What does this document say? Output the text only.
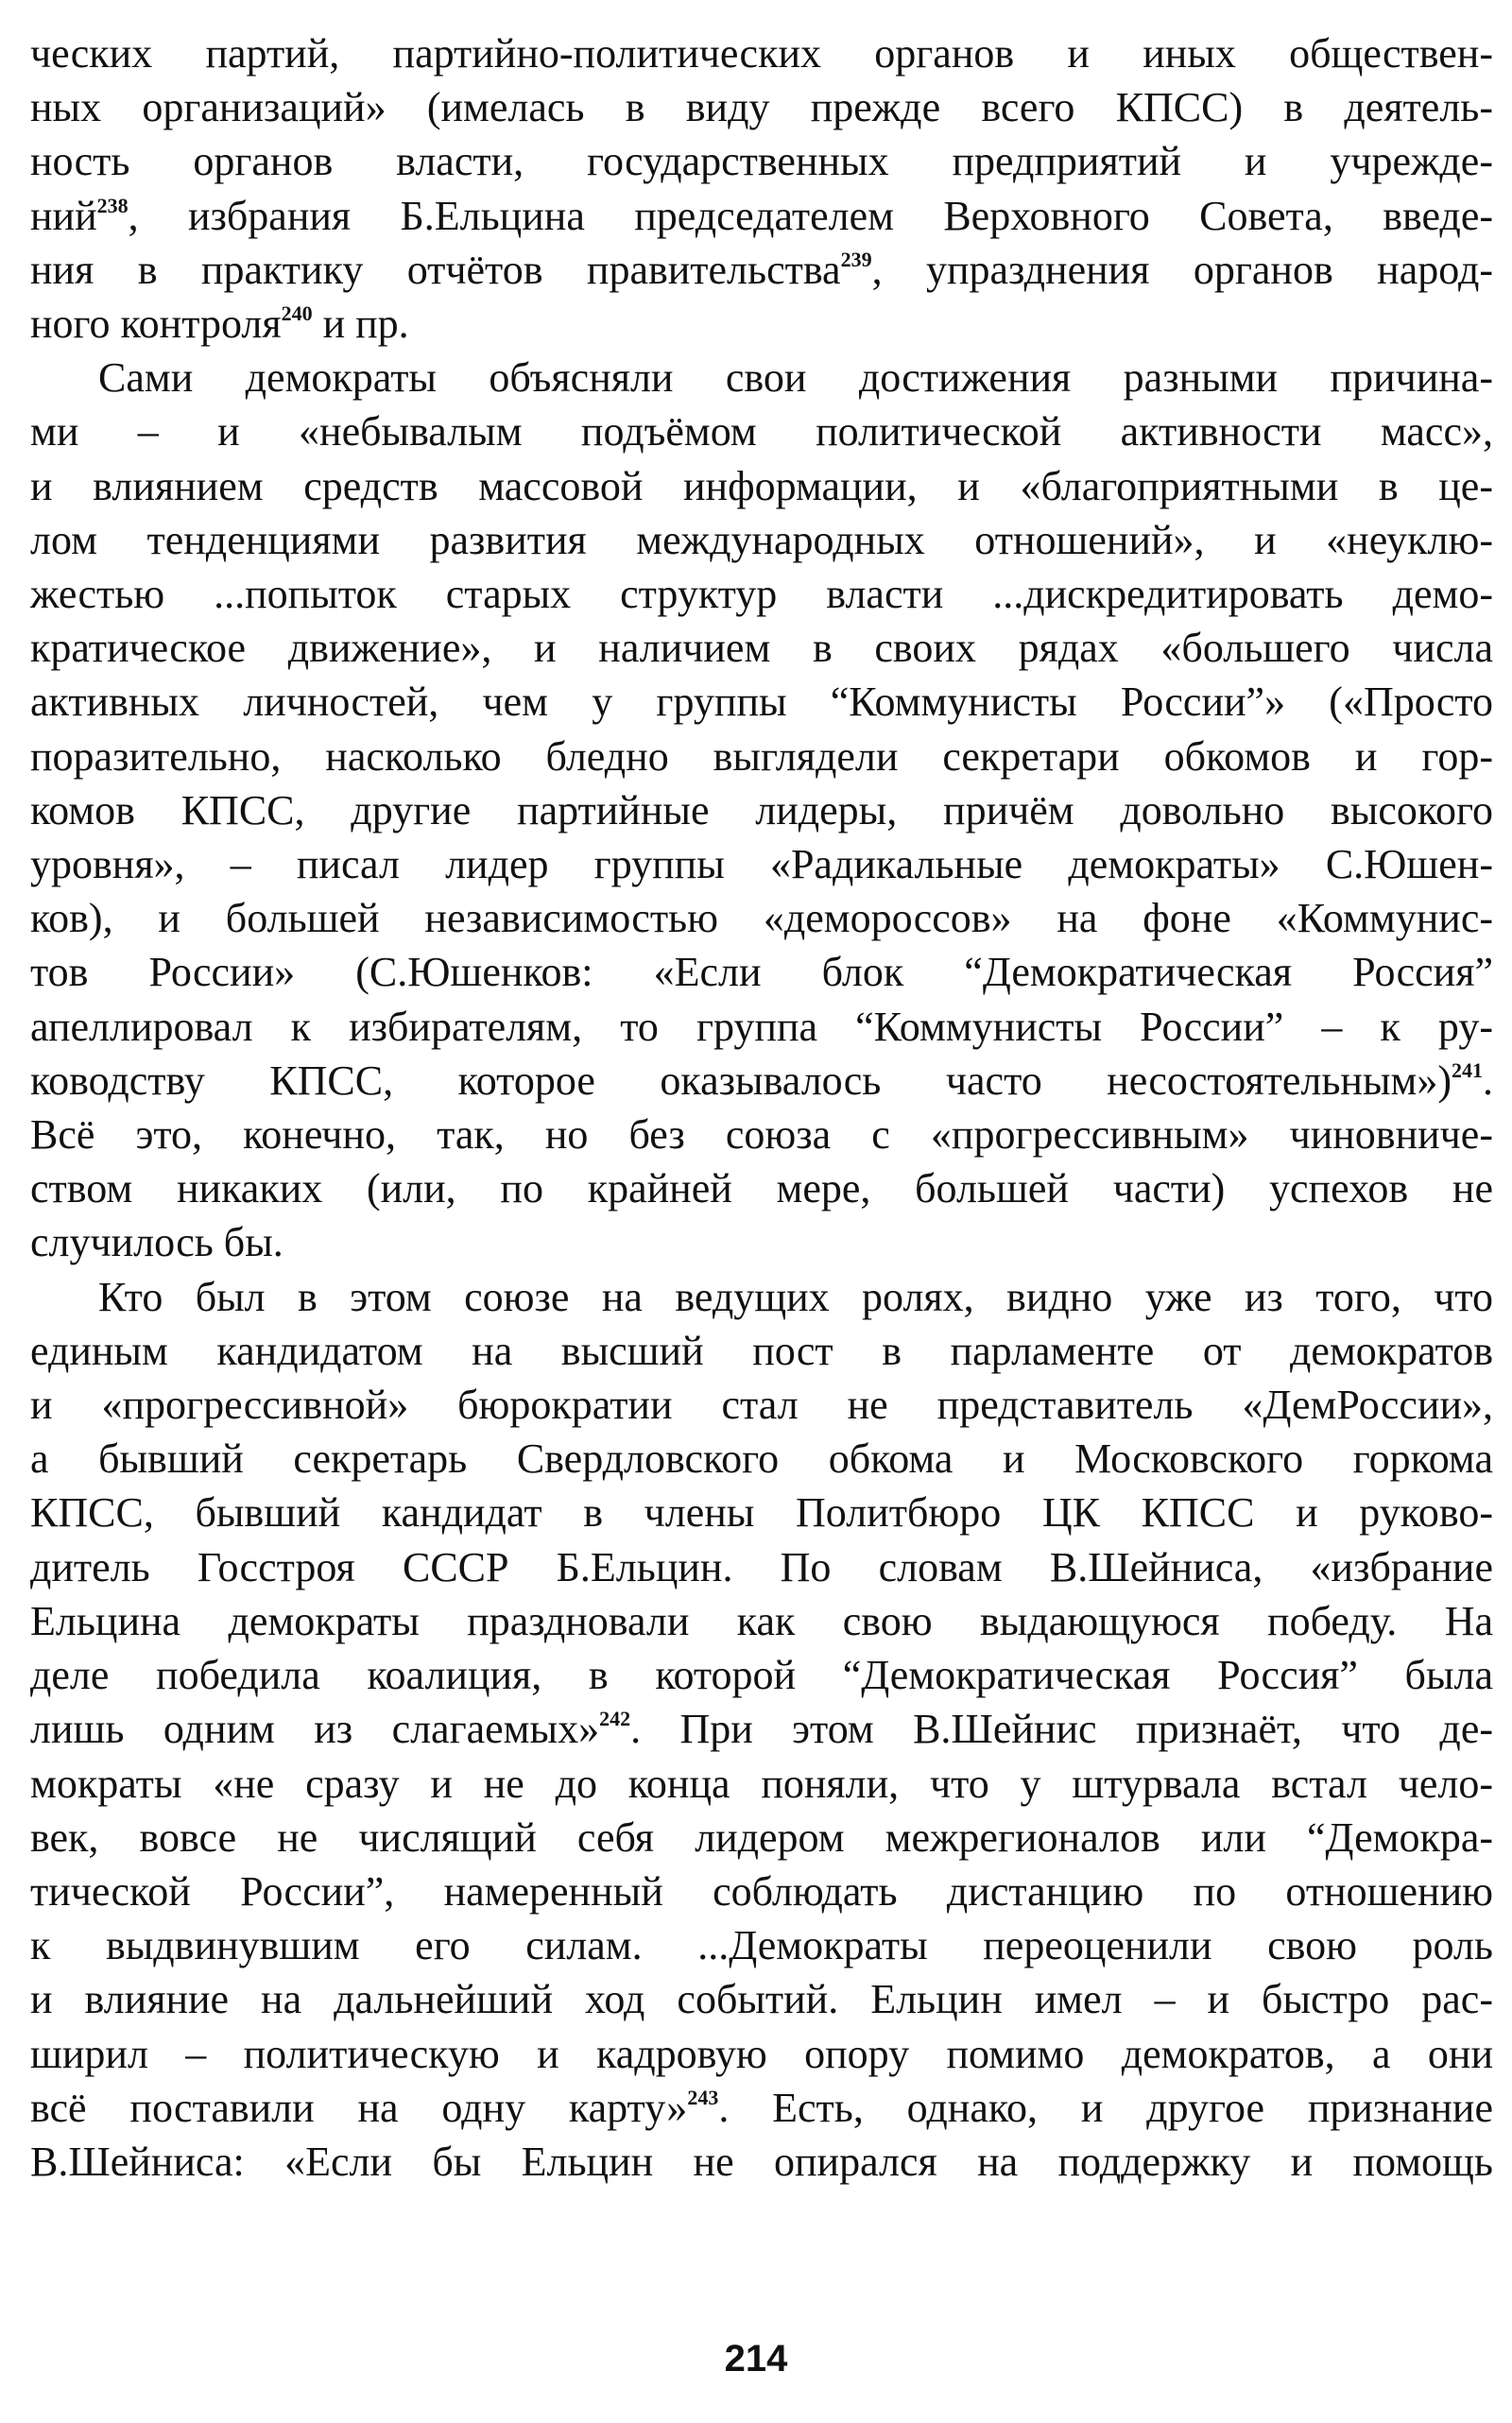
ческих партий, партийно-политических органов и иных обществен-
ных организаций» (имелась в виду прежде всего КПСС) в деятель-
ность органов власти, государственных предприятий и учрежде-
ний$^{238}$, избрания Б.Ельцина председателем Верховного Совета, введе-
ния в практику отчётов правительства$^{239}$, упразднения органов народ-
ного контроля$^{240}$ и пр.
Сами демократы объясняли свои достижения разными причина-
ми – и «небывалым подъёмом политической активности масс»,
и влиянием средств массовой информации, и «благоприятными в це-
лом тенденциями развития международных отношений», и «неуклю-
жестью ...попыток старых структур власти ...дискредитировать демо-
кратическое движение», и наличием в своих рядах «большего числа
активных личностей, чем у группы “Коммунисты России”» («Просто
поразительно, насколько бледно выглядели секретари обкомов и гор-
комов КПСС, другие партийные лидеры, причём довольно высокого
уровня», – писал лидер группы «Радикальные демократы» С.Юшен-
ков), и большей независимостью «демороссов» на фоне «Коммунис-
тов России» (С.Юшенков: «Если блок “Демократическая Россия”
апеллировал к избирателям, то группа “Коммунисты России” – к ру-
ководству КПСС, которое оказывалось часто несостоятельным»)$^{241}$.
Всё это, конечно, так, но без союза с «прогрессивным» чиновниче-
ством никаких (или, по крайней мере, большей части) успехов не
случилось бы.
Кто был в этом союзе на ведущих ролях, видно уже из того, что
единым кандидатом на высший пост в парламенте от демократов
и «прогрессивной» бюрократии стал не представитель «ДемРоссии»,
а бывший секретарь Свердловского обкома и Московского горкома
КПСС, бывший кандидат в члены Политбюро ЦК КПСС и руково-
дитель Госстроя СССР Б.Ельцин. По словам В.Шейниса, «избрание
Ельцина демократы праздновали как свою выдающуюся победу. На
деле победила коалиция, в которой “Демократическая Россия” была
лишь одним из слагаемых»$^{242}$. При этом В.Шейнис признаёт, что де-
мократы «не сразу и не до конца поняли, что у штурвала встал чело-
век, вовсе не числящий себя лидером межрегионалов или “Демокра-
тической России”, намеренный соблюдать дистанцию по отношению
к выдвинувшим его силам. ...Демократы переоценили свою роль
и влияние на дальнейший ход событий. Ельцин имел – и быстро рас-
ширил – политическую и кадровую опору помимо демократов, а они
всё поставили на одну карту»$^{243}$. Есть, однако, и другое признание
В.Шейниса: «Если бы Ельцин не опирался на поддержку и помощь

214
